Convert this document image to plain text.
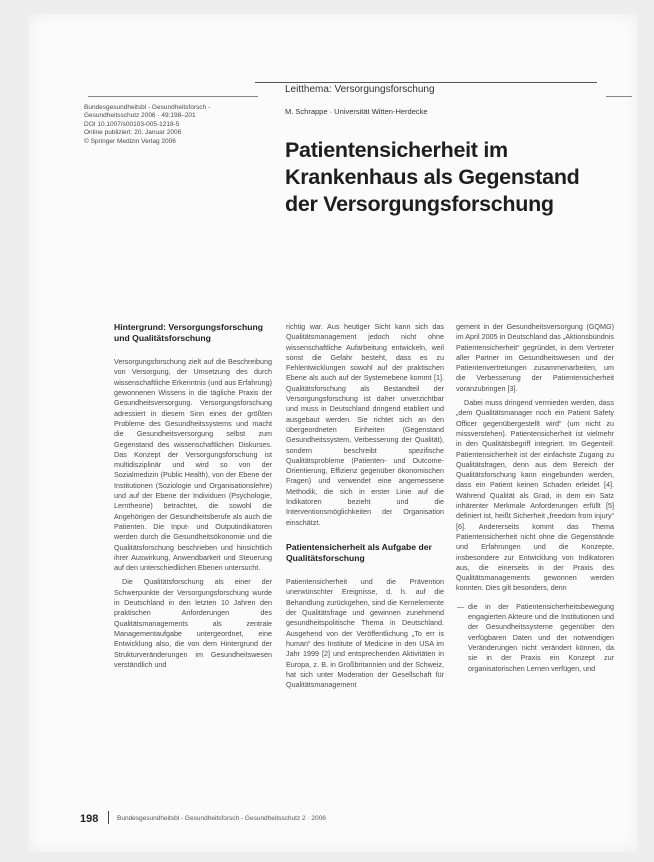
Leitthema: Versorgungsforschung
Bundesgesundheitsbl - Gesundheitsforsch -
Gesundheitsschutz 2006 · 49:198–201
DOI 10.1007/s00103-005-1218-5
Online publiziert: 20. Januar 2006
© Springer Medizin Verlag 2006
M. Schrappe · Universität Witten-Herdecke
Patientensicherheit im Krankenhaus als Gegenstand der Versorgungsforschung
Hintergrund: Versorgungsforschung und Qualitätsforschung

Versorgungsforschung zielt auf die Beschreibung von Versorgung, der Umsetzung des durch wissenschaftliche Erkenntnis (und aus Erfahrung) gewonnenen Wissens in die tägliche Praxis der Gesundheitsversorgung. Versorgungsforschung adressiert in diesem Sinn eines der größten Probleme des Gesundheitssystems und macht die Gesundheitsversorgung selbst zum Gegenstand des wissenschaftlichen Diskurses. Das Konzept der Versorgungsforschung ist multidisziplinär und wird so von der Sozialmedizin (Public Health), von der Ebene der Institutionen (Soziologie und Organisationslehre) und auf der Ebene der Individuen (Psychologie, Lerntheorie) betrachtet, die sowohl die Angehörigen der Gesundheitsberufe als auch die Patienten. Die Input- und Outputindikatoren werden durch die Gesundheitsökonomie und die Qualitätsforschung beschrieben und hinsichtlich ihrer Auswirkung, Anwendbarkeit und Steuerung auf den unterschiedlichen Ebenen untersucht.

Die Qualitätsforschung als einer der Schwerpunkte der Versorgungsforschung wurde in Deutschland in den letzten 10 Jahren den praktischen Anforderungen des Qualitätsmanagements als zentrale Managementaufgabe untergeordnet, eine Entwicklung also, die von dem Hintergrund der Strukturveränderungen im Gesundheitswesen verständlich und

richtig war. Aus heutiger Sicht kann sich das Qualitätsmanagement jedoch nicht ohne wissenschaftliche Aufarbeitung entwickeln, weil sonst die Gefahr besteht, dass es zu Fehlentwicklungen sowohl auf der praktischen Ebene als auch auf der Systemebene kommt [1]. Qualitätsforschung als Bestandteil der Versorgungsforschung ist daher unverzichtbar und muss in Deutschland dringend etabliert und ausgebaut werden. Sie richtet sich an den übergeordneten Einheiten (Gegenstand Gesundheitssystem, Verbesserung der Qualität), sondern beschreibt spezifische Qualitätsprobleme (Patienten- und Outcome-Orientierung, Effizienz gegenüber ökonomischen Fragen) und verwendet eine angemessene Methodik, die sich in erster Linie auf die Indikatoren bezieht und die Interventionsmöglichkeiten der Organisation einschätzt.

Patientensicherheit als Aufgabe der Qualitätsforschung

Patientensicherheit und die Prävention unerwünschter Ereignisse, d. h. auf die Behandlung zurückgehen, sind die Kernelemente der Qualitätsfrage und gewinnen zunehmend gesundheitspolitische Thema in Deutschland. Ausgehend von der Veröffentlichung „To err is human“ des Institute of Medicine in den USA im Jahr 1999 [2] und entsprechenden Aktivitäten in Europa, z. B. in Großbritannien und der Schweiz, hat sich unter Moderation der Gesellschaft für Qualitätsmanagement

gement in der Gesundheitsversorgung (GQMG) im April 2005 in Deutschland das „Aktionsbündnis Patientensicherheit“ gegründet, in dem Vertreter aller Partner im Gesundheitswesen und der Patientenvertretungen zusammenarbeiten, um die Verbesserung der Patientensicherheit voranzubringen [3].

Dabei muss dringend vermieden werden, dass „dem Qualitätsmanager noch ein Patient Safety Officer gegenübergestellt wird“ (um nicht zu missverstehen). Patientensicherheit ist vielmehr in den Qualitätsbegriff integriert. Im Gegenteil: Patientensicherheit ist der einfachste Zugang zu Qualitätsfragen, denn aus dem Bereich der Qualitätsforschung kann eingebunden werden, dass ein Patient keinen Schaden erleidet [4]. Während Qualität als Grad, in dem ein Satz inhärenter Merkmale Anforderungen erfüllt [5] definiert ist, heißt Sicherheit „freedom from injury“ [6]. Andererseits kommt das Thema Patientensicherheit nicht ohne die Gegenstände und Erfahrungen und die Konzepte, insbesondere zur Entwicklung von Indikatoren aus, die einerseits in der Praxis des Qualitätsmanagements gewonnen werden konnten. Dies gilt besonders, denn

— die in der Patientensicherheitsbewegung engagierten Akteure und die Institutionen und der Gesundheitssysteme gegenüber den verfügbaren Daten und der notwendigen Veränderungen nicht verändert können, da sie in der Praxis ein Konzept zur organisatorischen Lernen verfügen, und
198	Bundesgesundheitsbl - Gesundheitsforsch - Gesundheitsschutz 2 · 2006
